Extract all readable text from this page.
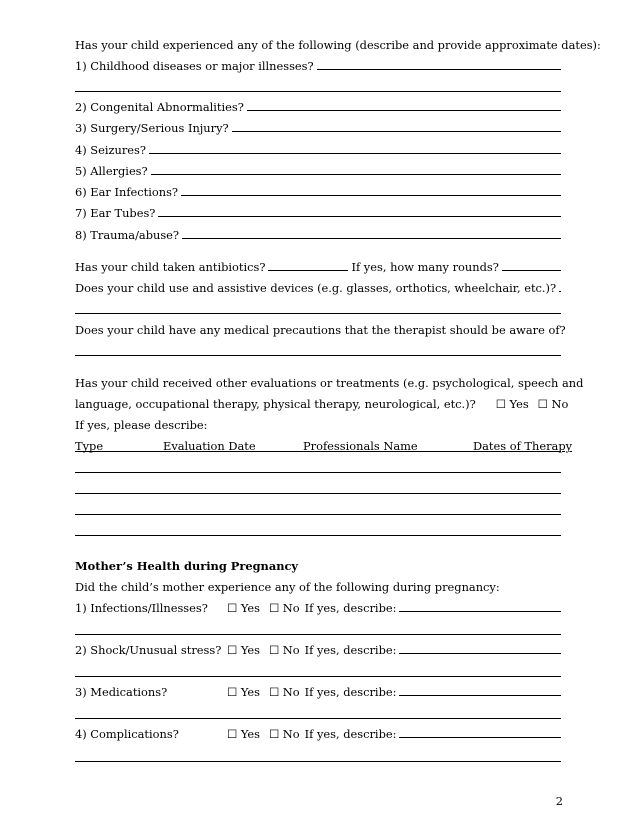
Has your child experienced any of the following (describe and provide approximate dates):
1) Childhood diseases or major illnesses?
2) Congenital Abnormalities?
3) Surgery/Serious Injury?
4) Seizures?
5) Allergies?
6) Ear Infections?
7) Ear Tubes?
8) Trauma/abuse?
Has your child taken antibiotics?	If yes, how many rounds?
Does your child use and assistive devices (e.g. glasses, orthotics, wheelchair, etc.)?
Does your child have any medical precautions that the therapist should be aware of?
Has your child received other evaluations or treatments (e.g. psychological, speech and
language, occupational therapy, physical therapy, neurological, etc.)? ☐ Yes ☐ No
If yes, please describe:
Type	Evaluation Date	Professionals Name	Dates of Therapy
Mother’s Health during Pregnancy
Did the child’s mother experience any of the following during pregnancy:
1) Infections/Illnesses?	☐ Yes ☐ No If yes, describe:
2) Shock/Unusual stress? ☐ Yes ☐ No If yes, describe:
3) Medications?	☐ Yes ☐ No If yes, describe:
4) Complications?	☐ Yes ☐ No If yes, describe:
2
